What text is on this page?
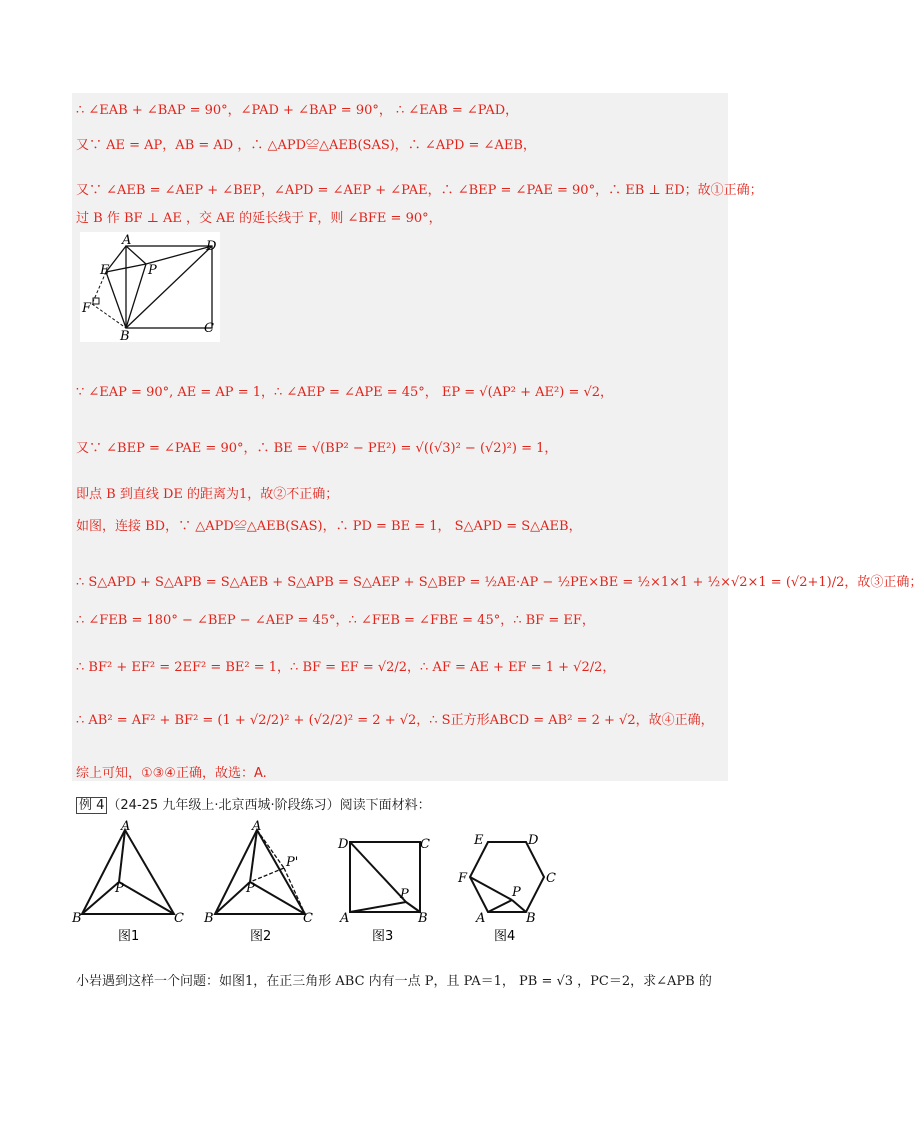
∴ ∠EAB + ∠BAP = 90°，∠PAD + ∠BAP = 90°， ∴ ∠EAB = ∠PAD，
又∵ AE = AP，AB = AD ，∴ △APD≌△AEB(SAS)，∴ ∠APD = ∠AEB，
又∵ ∠AEB = ∠AEP + ∠BEP，∠APD = ∠AEP + ∠PAE，∴ ∠BEP = ∠PAE = 90°，∴ EB ⊥ ED；故①正确；
过 B 作 BF ⊥ AE ，交 AE 的延长线于 F，则 ∠BFE = 90°，
A	D
E	P
F
B
C
∵ ∠EAP = 90°, AE = AP = 1，∴ ∠AEP = ∠APE = 45°， EP = √(AP² + AE²) = √2，
又∵ ∠BEP = ∠PAE = 90°，∴ BE = √(BP² − PE²) = √((√3)² − (√2)²) = 1，
即点 B 到直线 DE 的距离为1，故②不正确；
如图，连接 BD，∵ △APD≌△AEB(SAS)，∴ PD = BE = 1， S△APD = S△AEB，
∴ S△APD + S△APB = S△AEB + S△APB = S△AEP + S△BEP = ½AE·AP − ½PE×BE = ½×1×1 + ½×√2×1 = (√2+1)/2，故③正确；
∴ ∠FEB = 180° − ∠BEP − ∠AEP = 45°，∴ ∠FEB = ∠FBE = 45°，∴ BF = EF，
∴ BF² + EF² = 2EF² = BE² = 1，∴ BF = EF = √2/2，∴ AF = AE + EF = 1 + √2/2，
∴ AB² = AF² + BF² = (1 + √2/2)² + (√2/2)² = 2 + √2，∴ S正方形ABCD = AB² = 2 + √2，故④正确，
综上可知，①③④正确，故选：A.
例 4 （24-25 九年级上·北京西城·阶段练习）阅读下面材料：
A
P
B	C
图1
A
P'
P
B	C
图2
D	C
P
A	B
图3
E	D
F	C
P
A	B
图4
小岩遇到这样一个问题：如图1，在正三角形 ABC 内有一点 P，且 PA＝1， PB = √3 ，PC＝2，求∠APB 的
